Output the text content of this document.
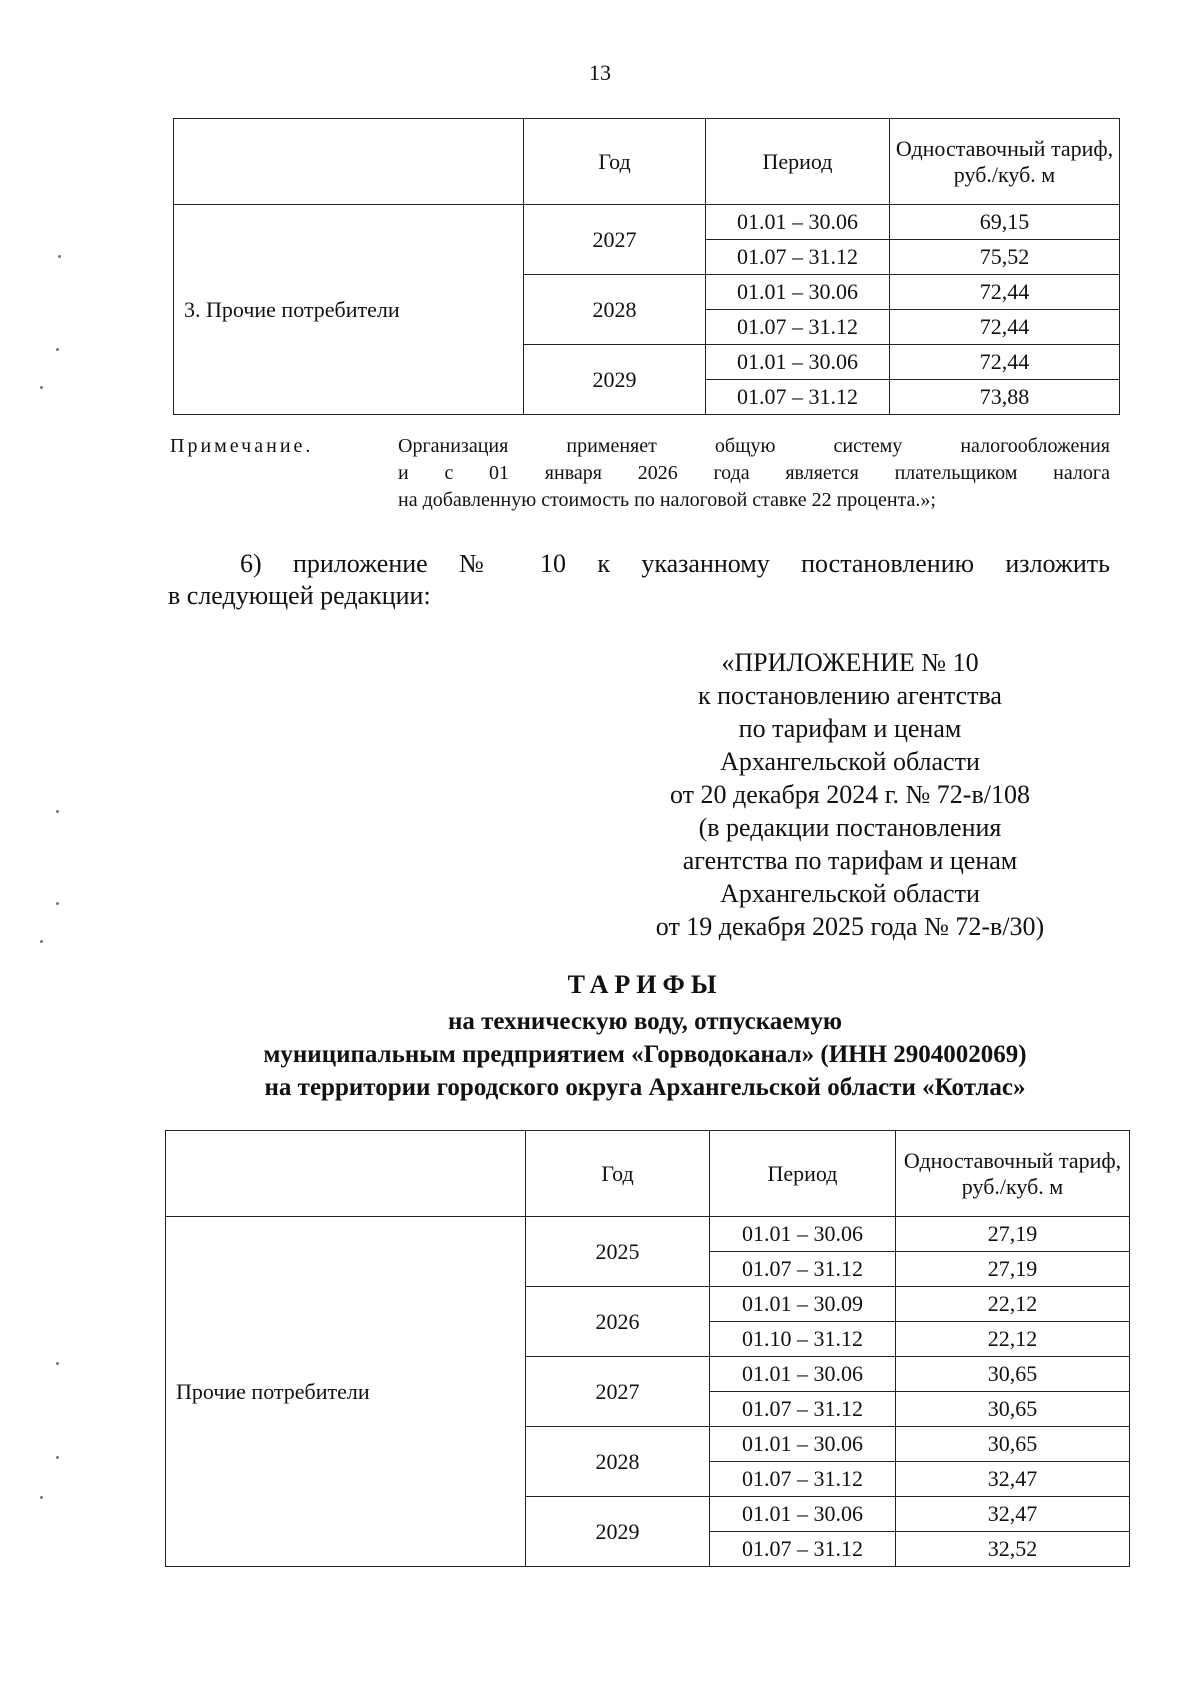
13
	Год	Период	Одноставочный тариф, руб./куб. м
3. Прочие потребители	2027	01.01 – 30.06	69,15
		01.07 – 31.12	75,52
	2028	01.01 – 30.06	72,44
		01.07 – 31.12	72,44
	2029	01.01 – 30.06	72,44
		01.07 – 31.12	73,88
Примечание.	Организация применяет общую систему налогообложения
и с 01 января 2026 года является плательщиком налога
на добавленную стоимость по налоговой ставке 22 процента.»;
6) приложение № 10 к указанному постановлению изложить
в следующей редакции:
«ПРИЛОЖЕНИЕ № 10
к постановлению агентства
по тарифам и ценам
Архангельской области
от 20 декабря 2024 г. № 72-в/108
(в редакции постановления
агентства по тарифам и ценам
Архангельской области
от 19 декабря 2025 года № 72-в/30)
ТАРИФЫ
на техническую воду, отпускаемую
муниципальным предприятием «Горводоканал» (ИНН 2904002069)
на территории городского округа Архангельской области «Котлас»
	Год	Период	Одноставочный тариф, руб./куб. м
Прочие потребители	2025	01.01 – 30.06	27,19
		01.07 – 31.12	27,19
	2026	01.01 – 30.09	22,12
		01.10 – 31.12	22,12
	2027	01.01 – 30.06	30,65
		01.07 – 31.12	30,65
	2028	01.01 – 30.06	30,65
		01.07 – 31.12	32,47
	2029	01.01 – 30.06	32,47
		01.07 – 31.12	32,52
